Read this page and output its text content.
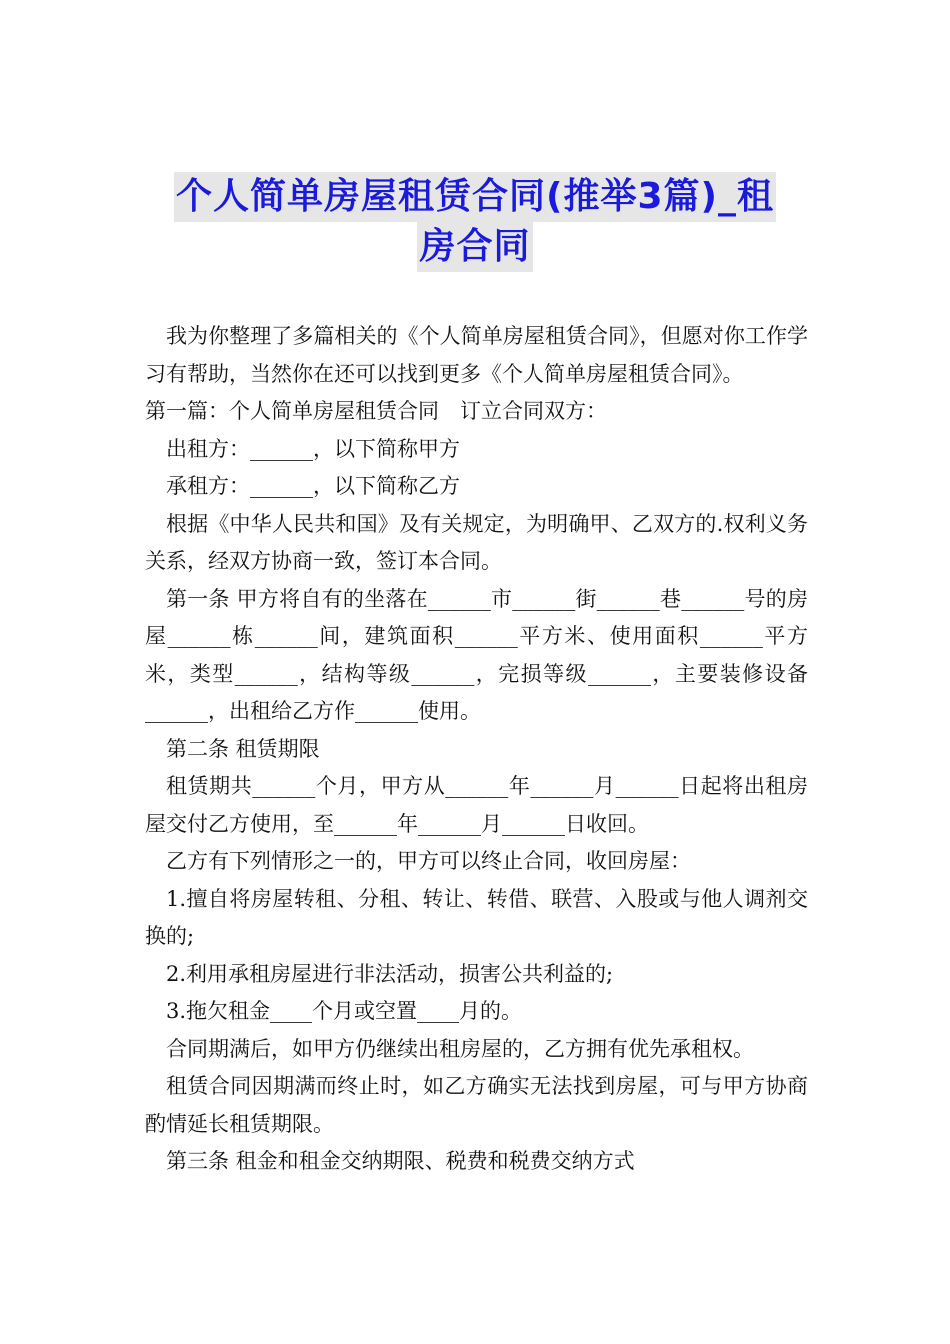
个人简单房屋租赁合同(推举3篇)_租
房合同

我为你整理了多篇相关的《个人简单房屋租赁合同》，但愿对你工作学习有帮助，当然你在还可以找到更多《个人简单房屋租赁合同》。

第一篇：个人简单房屋租赁合同　订立合同双方：

出租方：______，以下简称甲方

承租方：______，以下简称乙方

根据《中华人民共和国》及有关规定，为明确甲、乙双方的.权利义务关系，经双方协商一致，签订本合同。

第一条 甲方将自有的坐落在______市______街______巷______号的房屋______栋______间，建筑面积______平方米、使用面积______平方米，类型______，结构等级______，完损等级______，主要装修设备______，出租给乙方作______使用。

第二条 租赁期限

租赁期共______个月，甲方从______年______月______日起将出租房屋交付乙方使用，至______年______月______日收回。

乙方有下列情形之一的，甲方可以终止合同，收回房屋：

1.擅自将房屋转租、分租、转让、转借、联营、入股或与他人调剂交换的;

2.利用承租房屋进行非法活动，损害公共利益的;

3.拖欠租金____个月或空置____月的。

合同期满后，如甲方仍继续出租房屋的，乙方拥有优先承租权。

租赁合同因期满而终止时，如乙方确实无法找到房屋，可与甲方协商酌情延长租赁期限。

第三条 租金和租金交纳期限、税费和税费交纳方式
